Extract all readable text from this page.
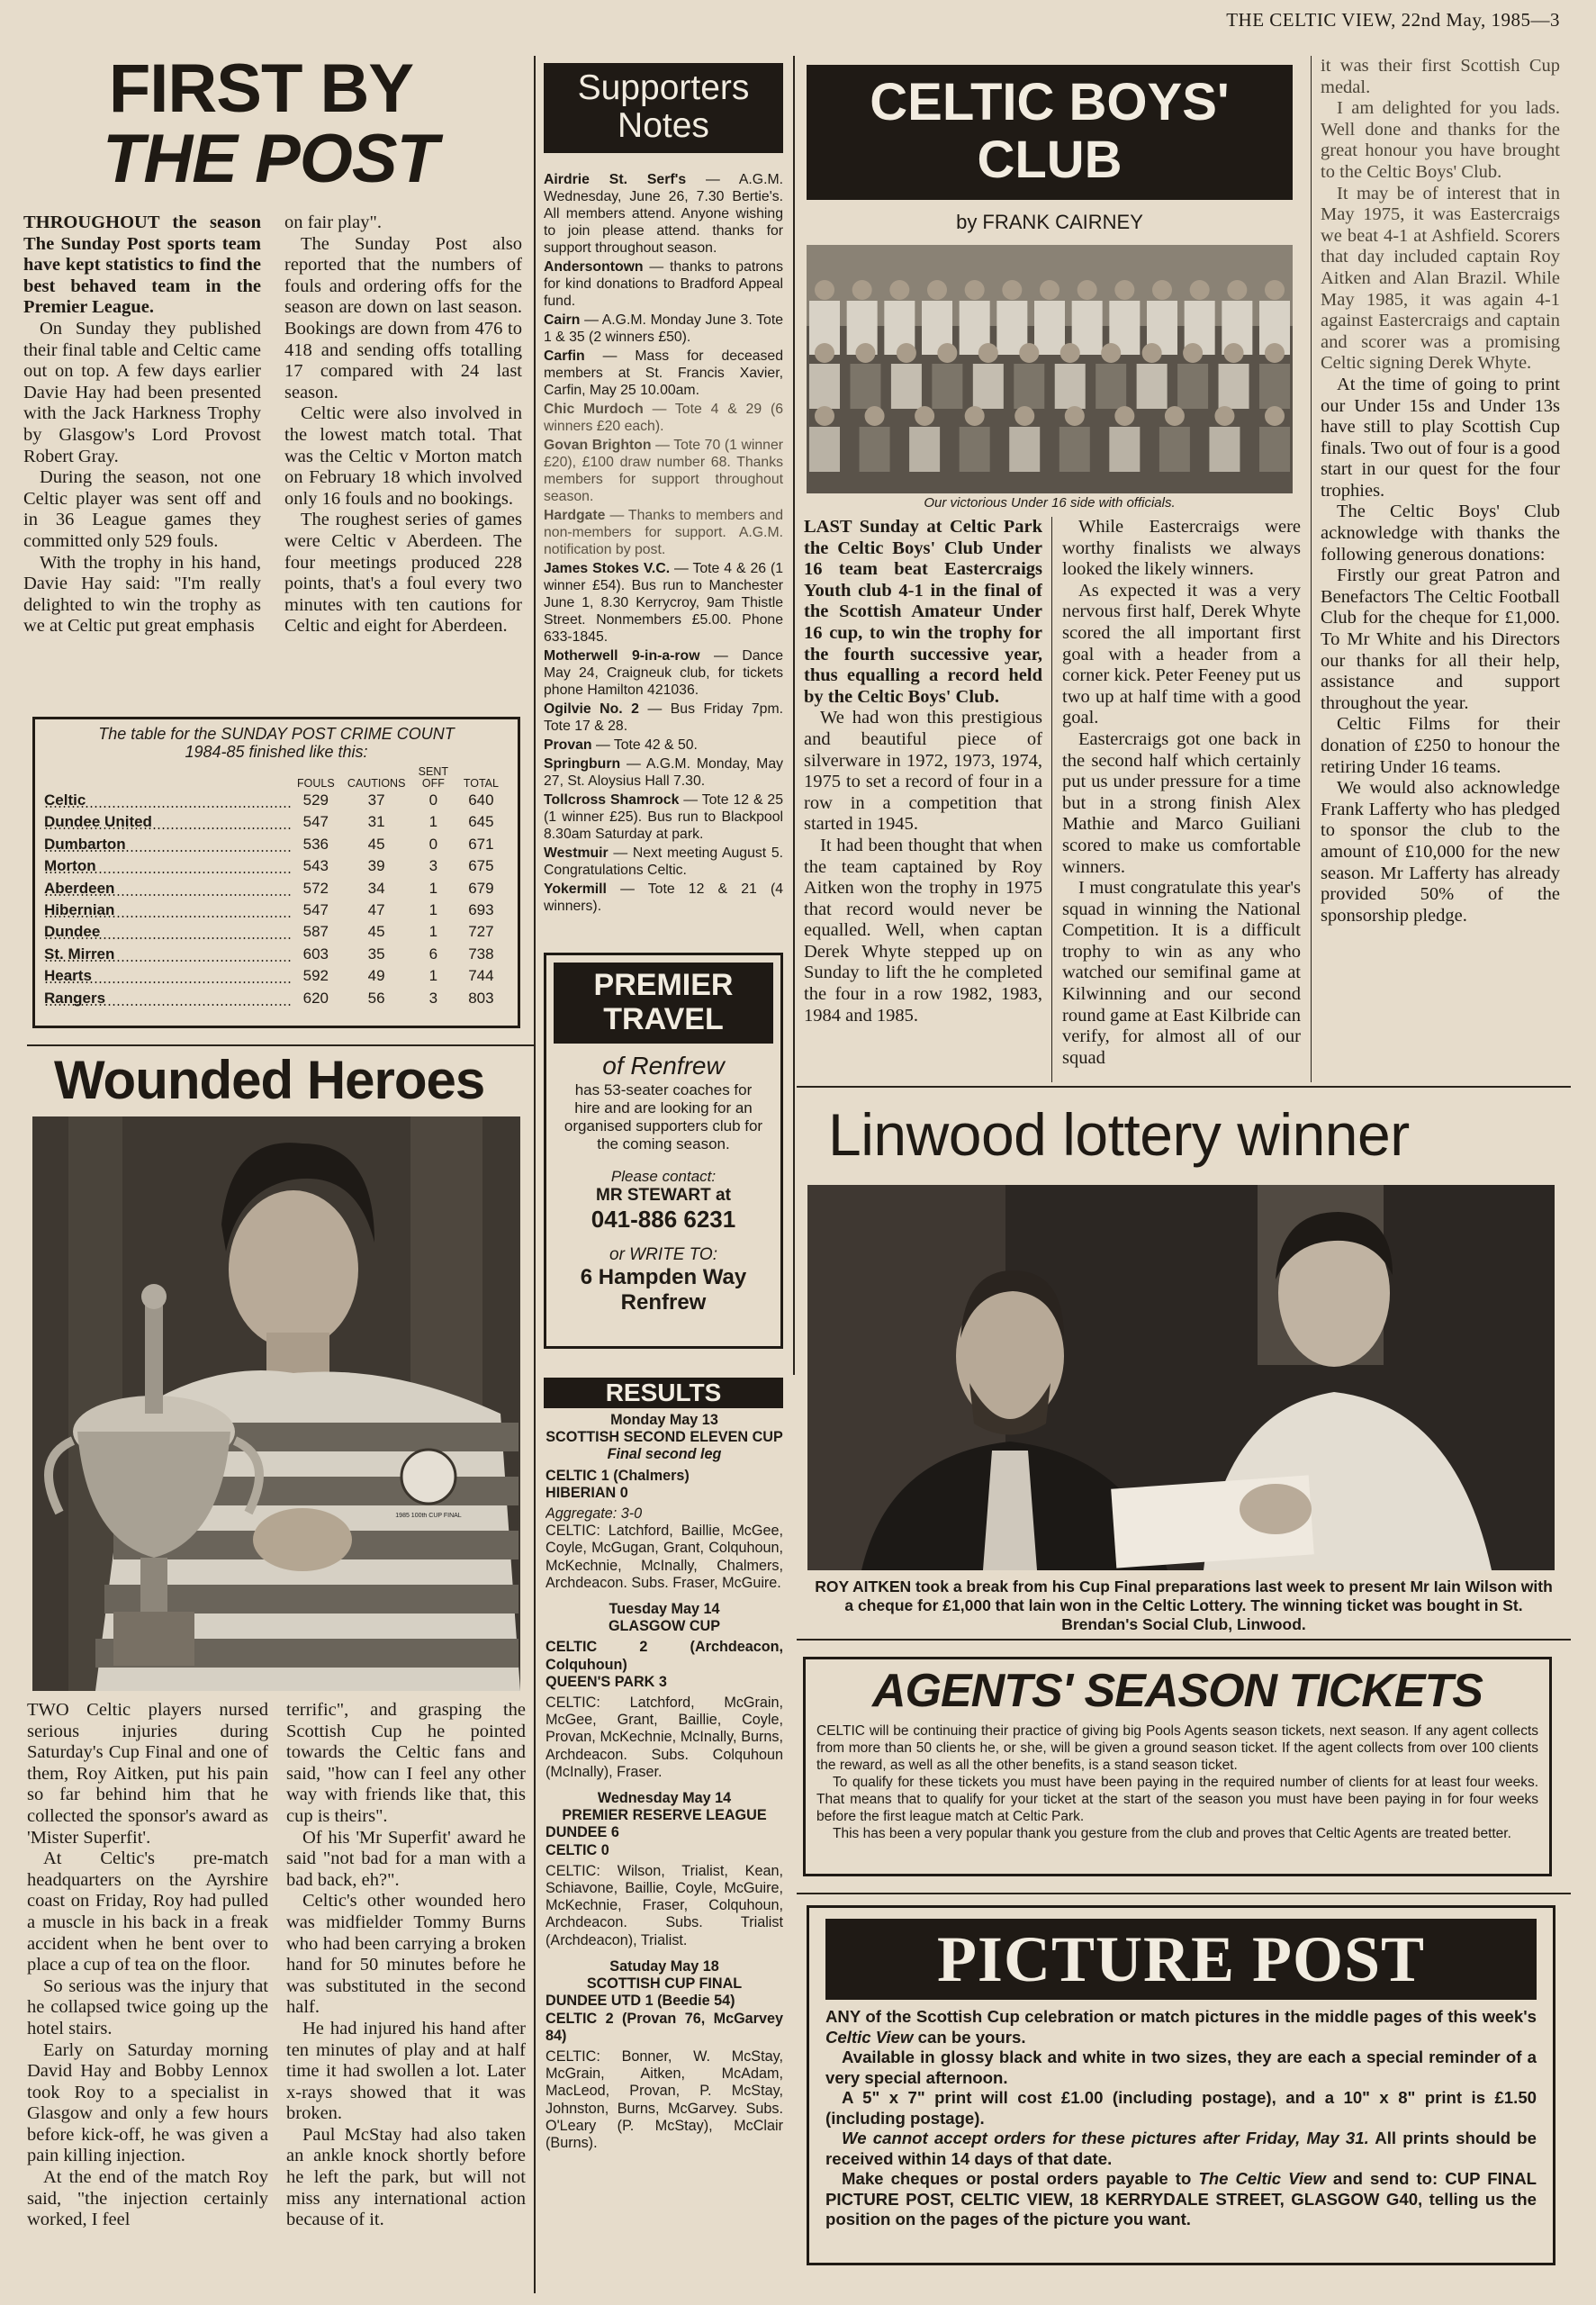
THE CELTIC VIEW, 22nd May, 1985—3
FIRST BY
THE POST

THROUGHOUT the season The Sunday Post sports team have kept statistics to find the best behaved team in the Premier League.

On Sunday they published their final table and Celtic came out on top. A few days earlier Davie Hay had been presented with the Jack Harkness Trophy by Glasgow's Lord Provost Robert Gray.

During the season, not one Celtic player was sent off and in 36 League games they committed only 529 fouls.

With the trophy in his hand, Davie Hay said: "I'm really delighted to win the trophy as we at Celtic put great emphasis

on fair play".

The Sunday Post also reported that the numbers of fouls and ordering offs for the season are down on last season. Bookings are down from 476 to 418 and sending offs totalling 17 compared with 24 last season.

Celtic were also involved in the lowest match total. That was the Celtic v Morton match on February 18 which involved only 16 fouls and no bookings.

The roughest series of games were Celtic v Aberdeen. The four meetings produced 228 points, that's a foul every two minutes with ten cautions for Celtic and eight for Aberdeen.

The table for the SUNDAY POST CRIME COUNT
1984-85 finished like this:
	FOULS	CAUTIONS	SENT OFF	TOTAL
Celtic	529	37	0	640
Dundee United	547	31	1	645
Dumbarton	536	45	0	671
Morton	543	39	3	675
Aberdeen	572	34	1	679
Hibernian	547	47	1	693
Dundee	587	45	1	727
St. Mirren	603	35	6	738
Hearts	592	49	1	744
Rangers	620	56	3	803
Wounded Heroes
1985 100th CUP FINAL

TWO Celtic players nursed serious injuries during Saturday's Cup Final and one of them, Roy Aitken, put his pain so far behind him that he collected the sponsor's award as 'Mister Superfit'.

At Celtic's pre-match headquarters on the Ayrshire coast on Friday, Roy had pulled a muscle in his back in a freak accident when he bent over to place a cup of tea on the floor.

So serious was the injury that he collapsed twice going up the hotel stairs.

Early on Saturday morning David Hay and Bobby Lennox took Roy to a specialist in Glasgow and only a few hours before kick-off, he was given a pain killing injection.

At the end of the match Roy said, "the injection certainly worked, I feel

terrific", and grasping the Scottish Cup he pointed towards the Celtic fans and said, "how can I feel any other way with friends like that, this cup is theirs".

Of his 'Mr Superfit' award he said "not bad for a man with a bad back, eh?".

Celtic's other wounded hero was midfielder Tommy Burns who had been carrying a broken hand for 50 minutes before he was substituted in the second half.

He had injured his hand after ten minutes of play and at half time it had swollen a lot. Later x-rays showed that it was broken.

Paul McStay had also taken an ankle knock shortly before he left the park, but will not miss any international action because of it.

Supporters
Notes

Airdrie St. Serf's — A.G.M. Wednesday, June 26, 7.30 Bertie's. All members attend. Anyone wishing to join please attend. thanks for support throughout season.

Andersontown — thanks to patrons for kind donations to Bradford Appeal fund.

Cairn — A.G.M. Monday June 3. Tote 1 & 35 (2 winners £50).

Carfin — Mass for deceased members at St. Francis Xavier, Carfin, May 25 10.00am.

Chic Murdoch — Tote 4 & 29 (6 winners £20 each).

Govan Brighton — Tote 70 (1 winner £20), £100 draw number 68. Thanks members for support throughout season.

Hardgate — Thanks to members and non-members for support. A.G.M. notification by post.

James Stokes V.C. — Tote 4 & 26 (1 winner £54). Bus run to Manchester June 1, 8.30 Kerrycroy, 9am Thistle Street. Nonmembers £5.00. Phone 633-1845.

Motherwell 9-in-a-row — Dance May 24, Craigneuk club, for tickets phone Hamilton 421036.

Ogilvie No. 2 — Bus Friday 7pm. Tote 17 & 28.

Provan — Tote 42 & 50.

Springburn — A.G.M. Monday, May 27, St. Aloysius Hall 7.30.

Tollcross Shamrock — Tote 12 & 25 (1 winner £25). Bus run to Blackpool 8.30am Saturday at park.

Westmuir — Next meeting August 5. Congratulations Celtic.

Yokermill — Tote 12 & 21 (4 winners).

PREMIER
TRAVEL
of Renfrew
has 53-seater coaches for hire and are looking for an organised supporters club for the coming season.
Please contact:
MR STEWART at
041-886 6231
or WRITE TO:
6 Hampden Way
Renfrew
RESULTS

Monday May 13

SCOTTISH SECOND ELEVEN CUP

Final second leg

CELTIC 1 (Chalmers)

HIBERIAN 0

Aggregate: 3-0

CELTIC: Latchford, Baillie, McGee, Coyle, McGugan, Grant, Colquhoun, McKechnie, McInally, Chalmers, Archdeacon. Subs. Fraser, McGuire.

Tuesday May 14

GLASGOW CUP

CELTIC 2 (Archdeacon, Colquhoun)

QUEEN'S PARK 3

CELTIC: Latchford, McGrain, McGee, Grant, Baillie, Coyle, Provan, McKechnie, McInally, Burns, Archdeacon. Subs. Colquhoun (McInally), Fraser.

Wednesday May 14

PREMIER RESERVE LEAGUE

DUNDEE 6

CELTIC 0

CELTIC: Wilson, Trialist, Kean, Schiavone, Baillie, Coyle, McGuire, McKechnie, Fraser, Colquhoun, Archdeacon. Subs. Trialist (Archdeacon), Trialist.

Satuday May 18

SCOTTISH CUP FINAL

DUNDEE UTD 1 (Beedie 54)

CELTIC 2 (Provan 76, McGarvey 84)

CELTIC: Bonner, W. McStay, McGrain, Aitken, McAdam, MacLeod, Provan, P. McStay, Johnston, Burns, McGarvey. Subs. O'Leary (P. McStay), McClair (Burns).

CELTIC BOYS'
CLUB
by FRANK CAIRNEY
Our victorious Under 16 side with officials.

LAST Sunday at Celtic Park the Celtic Boys' Club Under 16 team beat Eastercraigs Youth club 4-1 in the final of the Scottish Amateur Under 16 cup, to win the trophy for the fourth successive year, thus equalling a record held by the Celtic Boys' Club.

We had won this prestigious and beautiful piece of silverware in 1972, 1973, 1974, 1975 to set a record of four in a row in a competition that started in 1945.

It had been thought that when the team captained by Roy Aitken won the trophy in 1975 that record would never be equalled. Well, when captan Derek Whyte stepped up on Sunday to lift the he completed the four in a row 1982, 1983, 1984 and 1985.

While Eastercraigs were worthy finalists we always looked the likely winners.

As expected it was a very nervous first half, Derek Whyte scored the all important first goal with a header from a corner kick. Peter Feeney put us two up at half time with a good goal.

Eastercraigs got one back in the second half which certainly put us under pressure for a time but in a strong finish Alex Mathie and Marco Guiliani scored to make us comfortable winners.

I must congratulate this year's squad in winning the National Competition. It is a difficult trophy to win as any who watched our semifinal game at Kilwinning and our second round game at East Kilbride can verify, for almost all of our squad

it was their first Scottish Cup medal.

I am delighted for you lads. Well done and thanks for the great honour you have brought to the Celtic Boys' Club.

It may be of interest that in May 1975, it was Eastercraigs we beat 4-1 at Ashfield. Scorers that day included captain Roy Aitken and Alan Brazil. While May 1985, it was again 4-1 against Eastercraigs and captain and scorer was a promising Celtic signing Derek Whyte.

At the time of going to print our Under 15s and Under 13s have still to play Scottish Cup finals. Two out of four is a good start in our quest for the four trophies.

The Celtic Boys' Club acknowledge with thanks the following generous donations:

Firstly our great Patron and Benefactors The Celtic Football Club for the cheque for £1,000. To Mr White and his Directors our thanks for all their help, assistance and support throughout the year.

Celtic Films for their donation of £250 to honour the retiring Under 16 teams.

We would also acknowledge Frank Lafferty who has pledged to sponsor the club to the amount of £10,000 for the new season. Mr Lafferty has already provided 50% of the sponsorship pledge.

Linwood lottery winner
ROY AITKEN took a break from his Cup Final preparations last week to present Mr Iain Wilson with a cheque for £1,000 that lain won in the Celtic Lottery. The winning ticket was bought in St. Brendan's Social Club, Linwood.
AGENTS' SEASON TICKETS
CELTIC will be continuing their practice of giving big Pools Agents season tickets, next season. If any agent collects from more than 50 clients he, or she, will be given a ground season ticket. If the agent collects from over 100 clients the reward, as well as all the other benefits, is a stand season ticket.
To qualify for these tickets you must have been paying in the required number of clients for at least four weeks. That means that to qualify for your ticket at the start of the season you must have been paying in for four weeks before the first league match at Celtic Park.
This has been a very popular thank you gesture from the club and proves that Celtic Agents are treated better.
PICTURE POST
ANY of the Scottish Cup celebration or match pictures in the middle pages of this week's Celtic View can be yours.
Available in glossy black and white in two sizes, they are each a special reminder of a very special afternoon.
A 5" x 7" print will cost £1.00 (including postage), and a 10" x 8" print is £1.50 (including postage).
We cannot accept orders for these pictures after Friday, May 31. All prints should be received within 14 days of that date.
Make cheques or postal orders payable to The Celtic View and send to: CUP FINAL PICTURE POST, CELTIC VIEW, 18 KERRYDALE STREET, GLASGOW G40, telling us the position on the pages of the picture you want.
